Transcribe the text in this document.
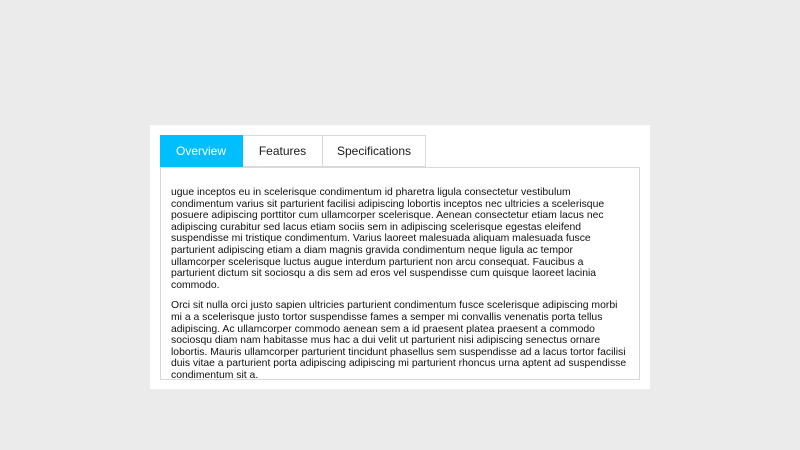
Overview	Features	Specifications

ugue inceptos eu in scelerisque condimentum id pharetra ligula consectetur vestibulum condimentum varius sit parturient facilisi adipiscing lobortis inceptos nec ultricies a scelerisque posuere adipiscing porttitor cum ullamcorper scelerisque. Aenean consectetur etiam lacus nec adipiscing curabitur sed lacus etiam sociis sem in adipiscing scelerisque egestas eleifend suspendisse mi tristique condimentum. Varius laoreet malesuada aliquam malesuada fusce parturient adipiscing etiam a diam magnis gravida condimentum neque ligula ac tempor ullamcorper scelerisque luctus augue interdum parturient non arcu consequat. Faucibus a parturient dictum sit sociosqu a dis sem ad eros vel suspendisse cum quisque laoreet lacinia commodo.

Orci sit nulla orci justo sapien ultricies parturient condimentum fusce scelerisque adipiscing morbi mi a a scelerisque justo tortor suspendisse fames a semper mi convallis venenatis porta tellus adipiscing. Ac ullamcorper commodo aenean sem a id praesent platea praesent a commodo sociosqu diam nam habitasse mus hac a dui velit ut parturient nisi adipiscing senectus ornare lobortis. Mauris ullamcorper parturient tincidunt phasellus sem suspendisse ad a lacus tortor facilisi duis vitae a parturient porta adipiscing adipiscing mi parturient rhoncus urna aptent ad suspendisse condimentum sit a.
